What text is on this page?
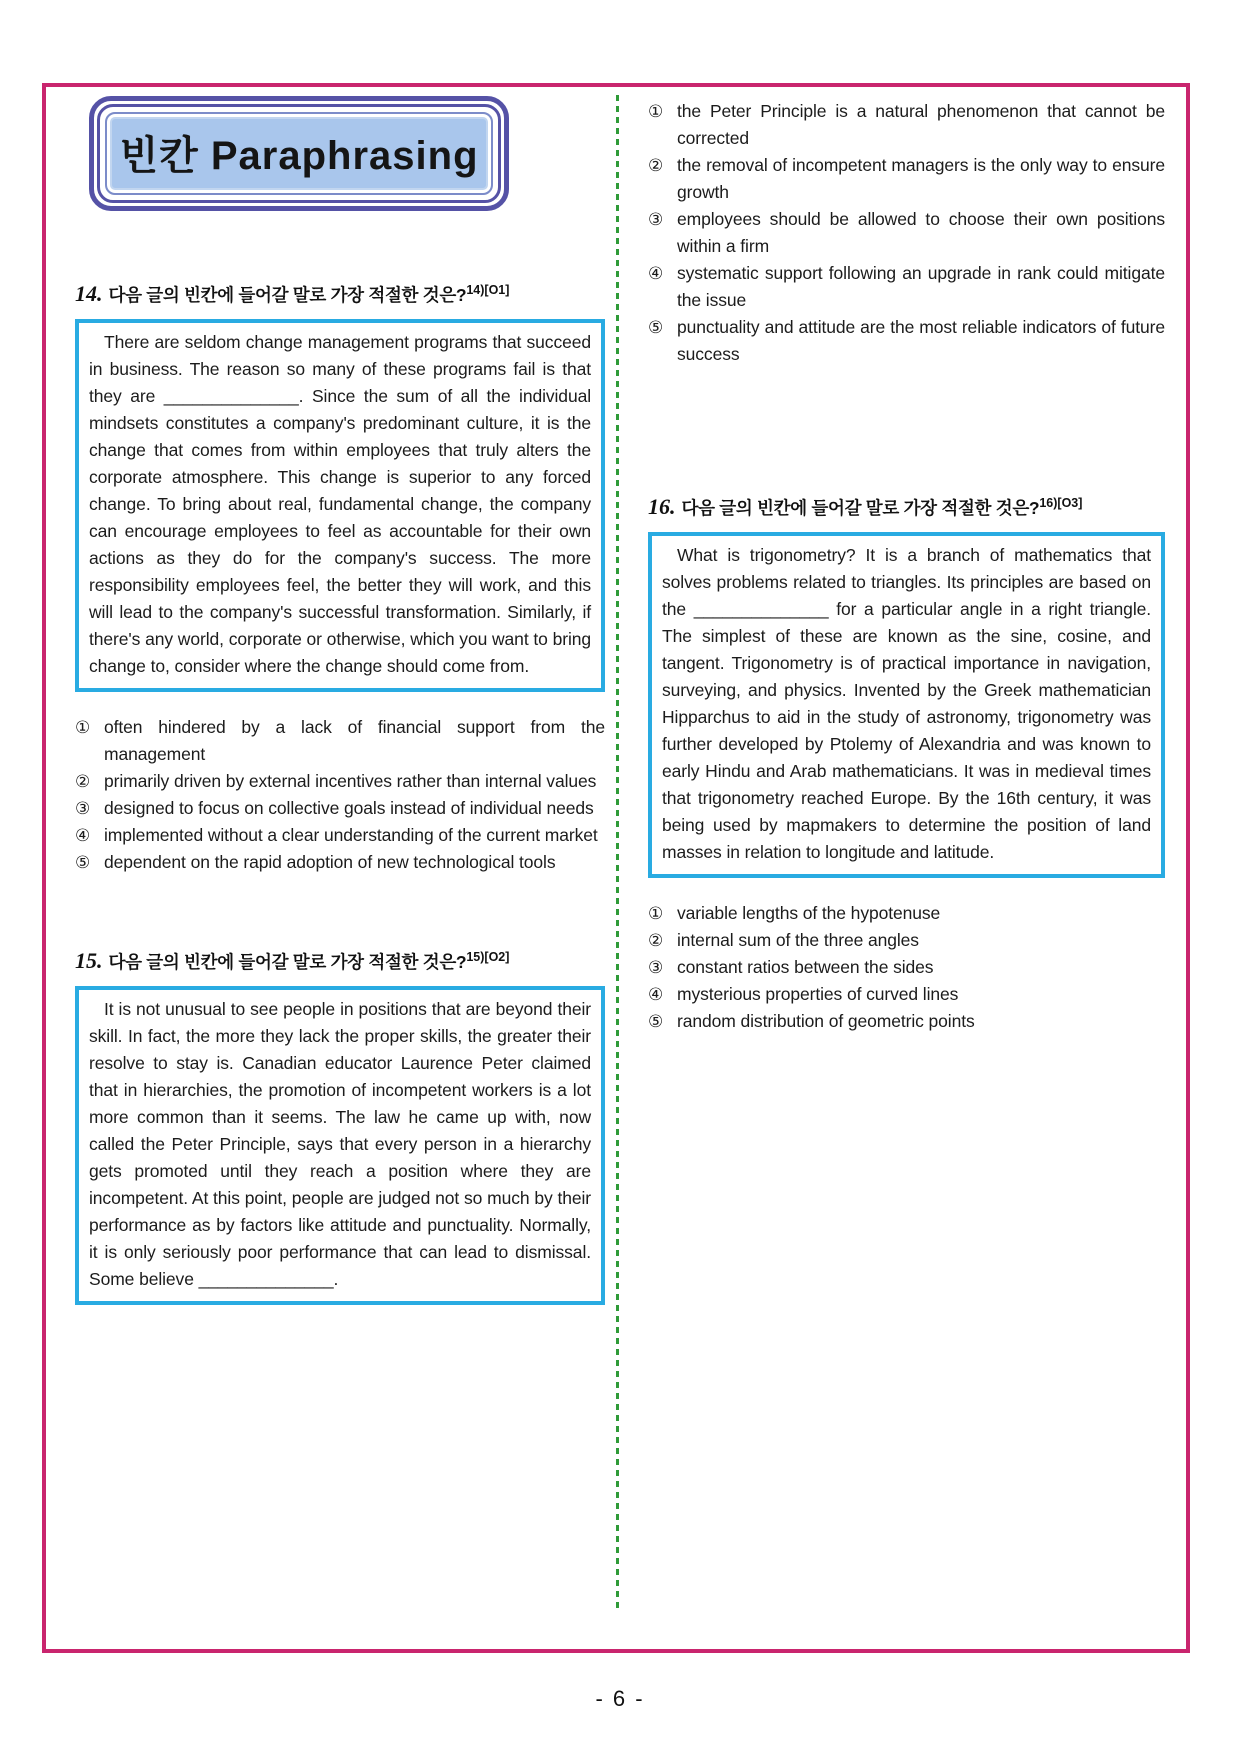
빈칸 Paraphrasing
14. 다음 글의 빈칸에 들어갈 말로 가장 적절한 것은?$^{14)[O1]}$

There are seldom change management programs that succeed in business. The reason so many of these programs fail is that they are ______________. Since the sum of all the individual mindsets constitutes a company's predominant culture, it is the change that comes from within employees that truly alters the corporate atmosphere. This change is superior to any forced change. To bring about real, fundamental change, the company can encourage employees to feel as accountable for their own actions as they do for the company's success. The more responsibility employees feel, the better they will work, and this will lead to the company's successful transformation. Similarly, if there's any world, corporate or otherwise, which you want to bring change to, consider where the change should come from.

① often hindered by a lack of financial support from the management
② primarily driven by external incentives rather than internal values
③ designed to focus on collective goals instead of individual needs
④ implemented without a clear understanding of the current market
⑤ dependent on the rapid adoption of new technological tools
15. 다음 글의 빈칸에 들어갈 말로 가장 적절한 것은?$^{15)[O2]}$

It is not unusual to see people in positions that are beyond their skill. In fact, the more they lack the proper skills, the greater their resolve to stay is. Canadian educator Laurence Peter claimed that in hierarchies, the promotion of incompetent workers is a lot more common than it seems. The law he came up with, now called the Peter Principle, says that every person in a hierarchy gets promoted until they reach a position where they are incompetent. At this point, people are judged not so much by their performance as by factors like attitude and punctuality. Normally, it is only seriously poor performance that can lead to dismissal. Some believe ______________.

① the Peter Principle is a natural phenomenon that cannot be corrected
② the removal of incompetent managers is the only way to ensure growth
③ employees should be allowed to choose their own positions within a firm
④ systematic support following an upgrade in rank could mitigate the issue
⑤ punctuality and attitude are the most reliable indicators of future success
16. 다음 글의 빈칸에 들어갈 말로 가장 적절한 것은?$^{16)[O3]}$

What is trigonometry? It is a branch of mathematics that solves problems related to triangles. Its principles are based on the ______________ for a particular angle in a right triangle. The simplest of these are known as the sine, cosine, and tangent. Trigonometry is of practical importance in navigation, surveying, and physics. Invented by the Greek mathematician Hipparchus to aid in the study of astronomy, trigonometry was further developed by Ptolemy of Alexandria and was known to early Hindu and Arab mathematicians. It was in medieval times that trigonometry reached Europe. By the 16th century, it was being used by mapmakers to determine the position of land masses in relation to longitude and latitude.

① variable lengths of the hypotenuse
② internal sum of the three angles
③ constant ratios between the sides
④ mysterious properties of curved lines
⑤ random distribution of geometric points
- 6 -
